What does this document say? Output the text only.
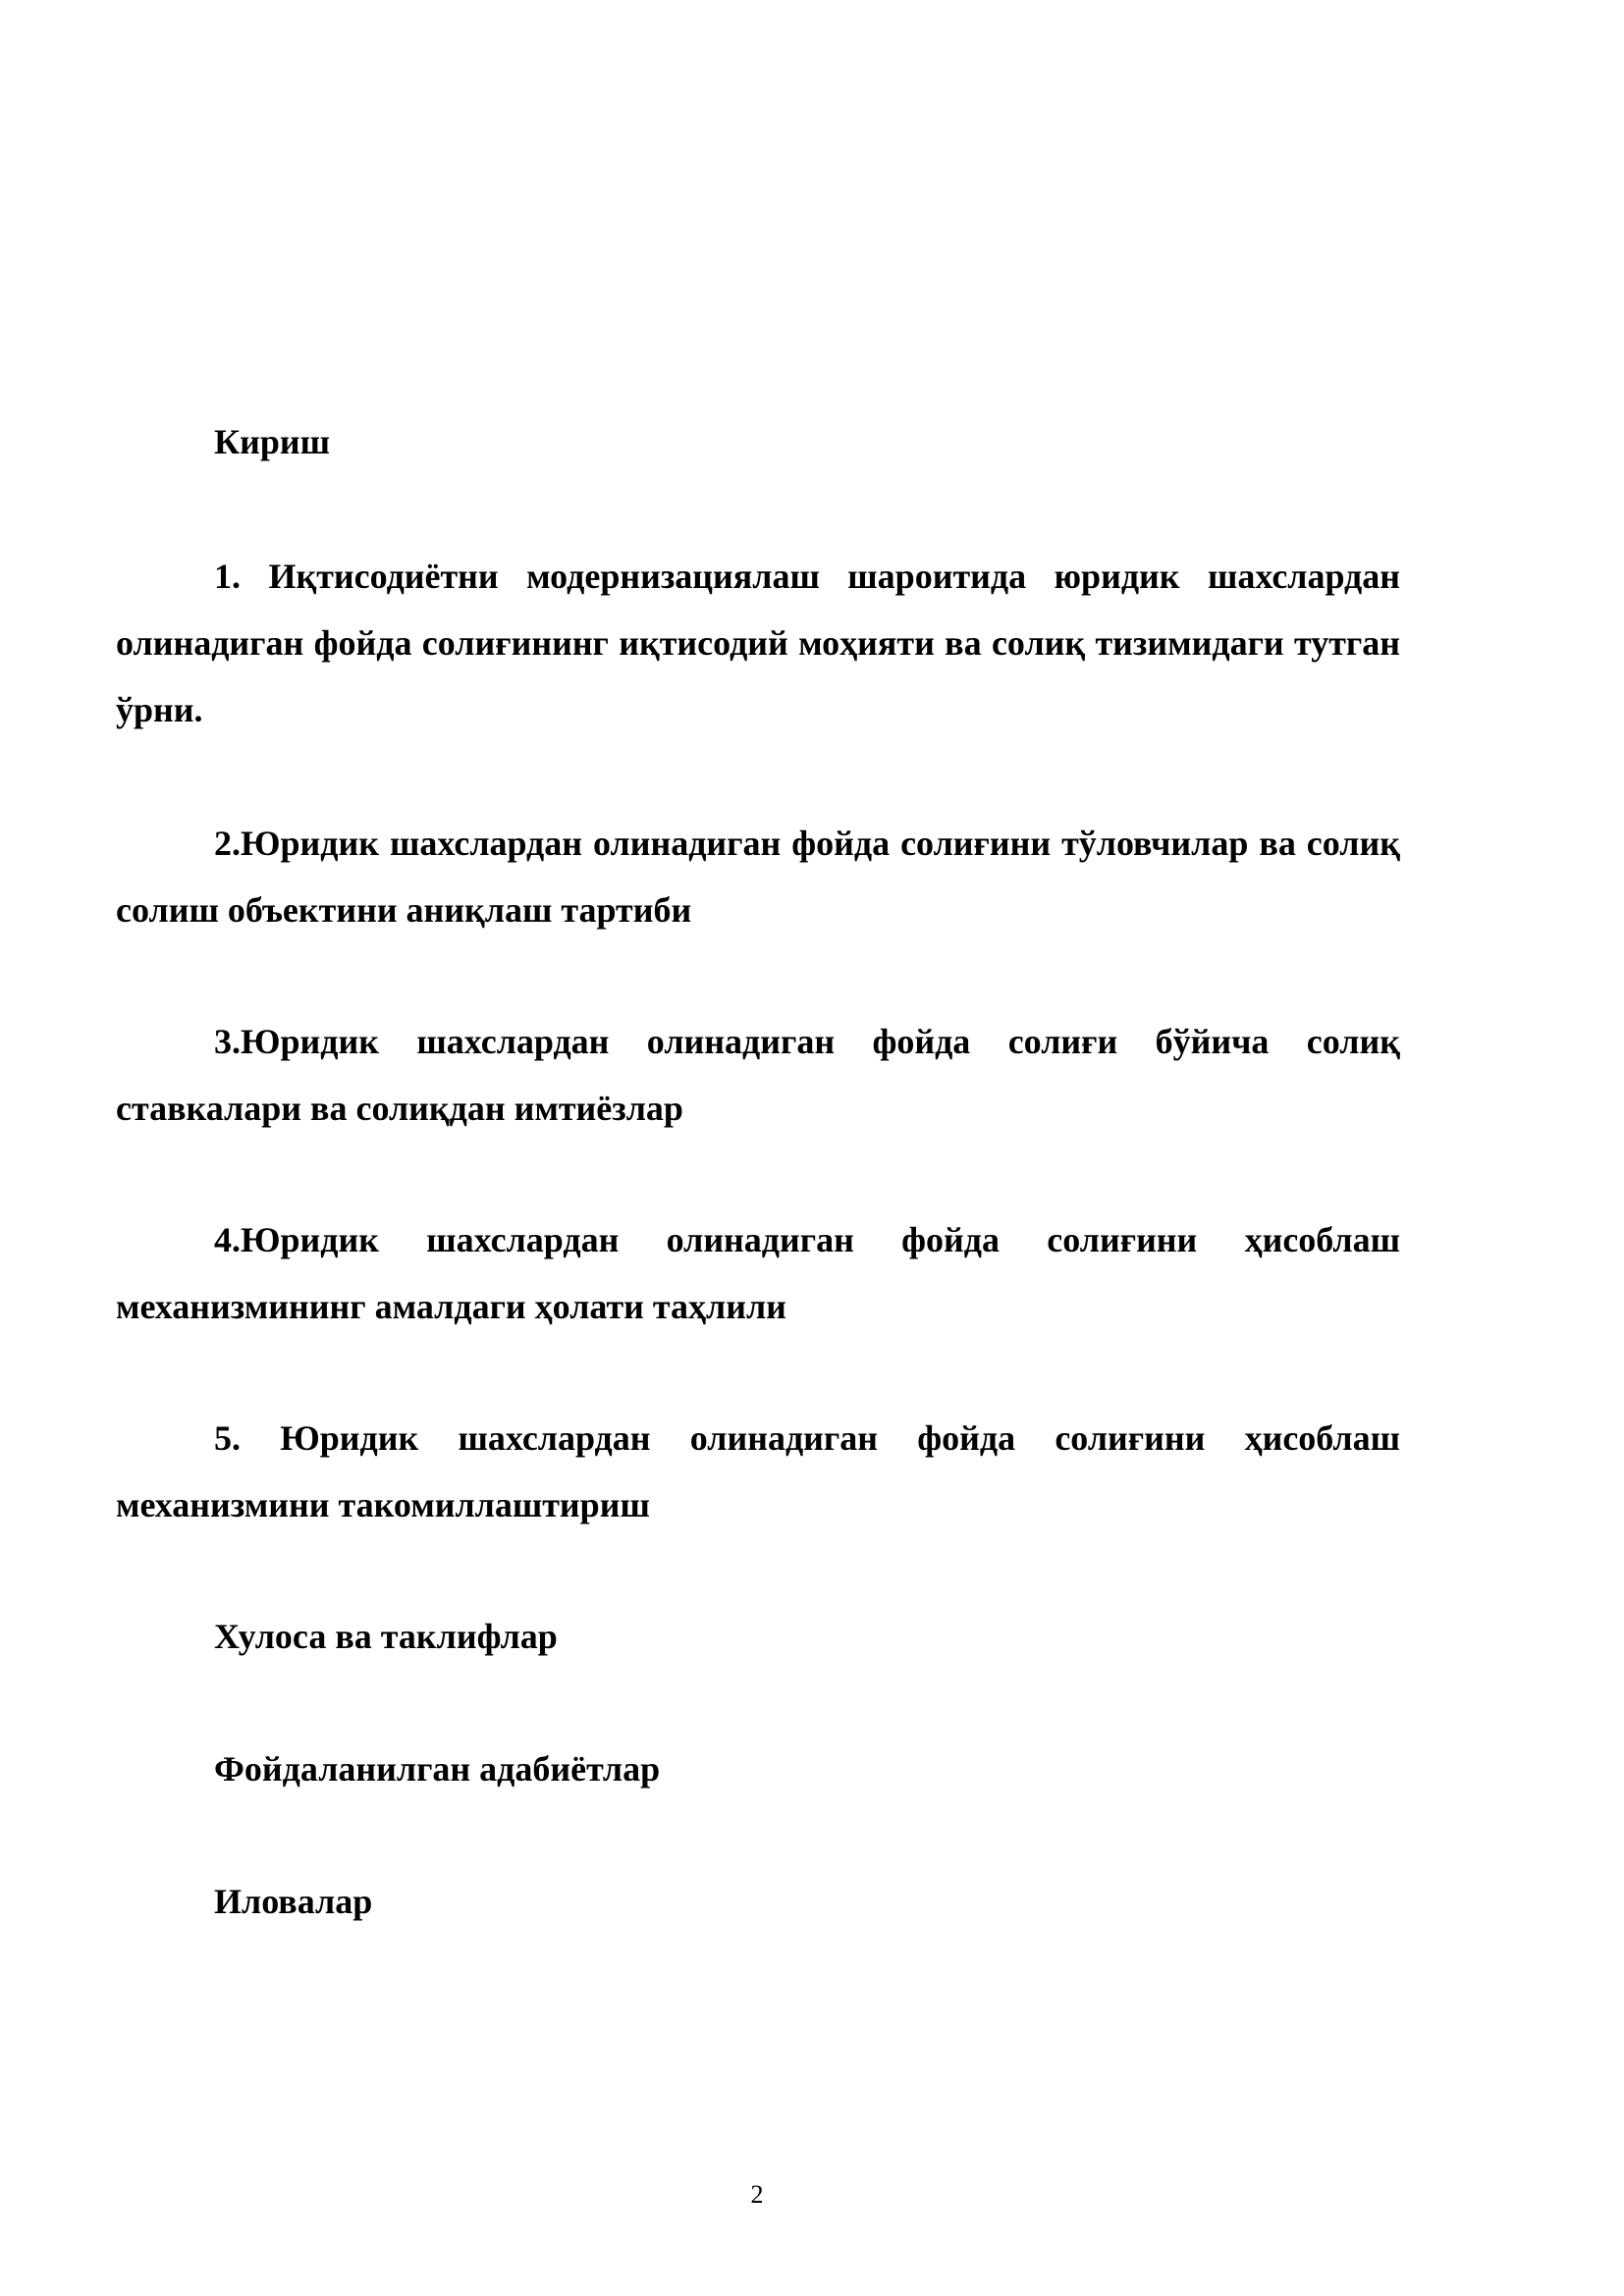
Кириш

1. Иқтисодиётни модернизациялаш шароитида юридик шахслардан олинадиган фойда солиғининг иқтисодий моҳияти ва солиқ тизимидаги тутган ўрни.

2.Юридик шахслардан олинадиган фойда солиғини тўловчилар ва солиқ солиш объектини аниқлаш тартиби

3.Юридик шахслардан олинадиган фойда солиғи бўйича солиқ ставкалари ва солиқдан имтиёзлар

4.Юридик шахслардан олинадиган фойда солиғини ҳисоблаш механизмининг амалдаги ҳолати таҳлили

5. Юридик шахслардан олинадиган фойда солиғини ҳисоблаш механизмини такомиллаштириш

Хулоса ва таклифлар

Фойдаланилган адабиётлар

Иловалар

2
